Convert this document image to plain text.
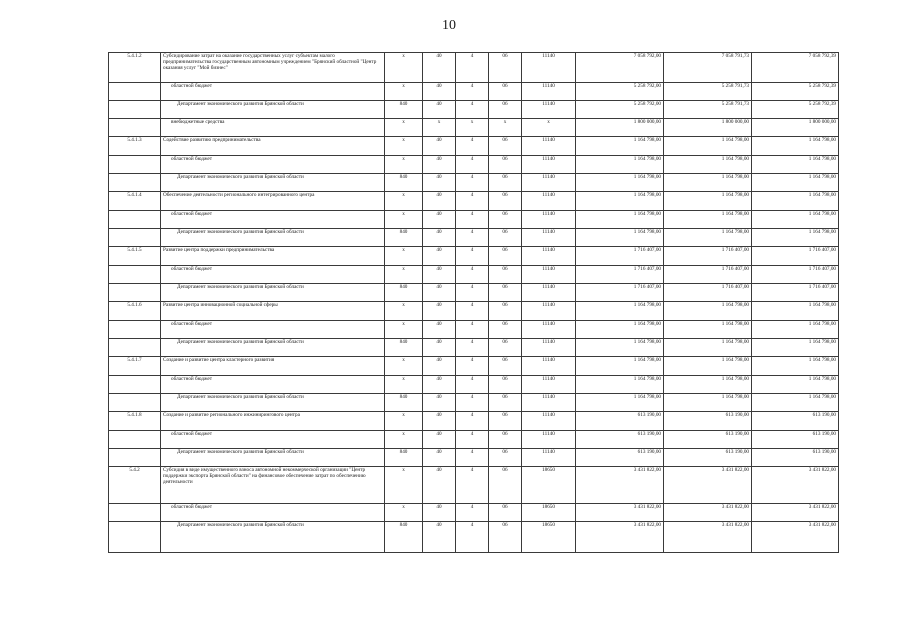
10
5.4.1.2	Субсидирование затрат на оказание государственных услуг субъектам малого предпринимательства государственным автономным учреждением "Брянский областной "Центр оказания услуг "Мой бизнес"	х	40	4	06	11140	7 058 792,00	7 058 791,73	7 058 792,39
	областной бюджет	х	40	4	06	11140	5 258 792,00	5 258 791,73	5 258 792,39
	Департамент экономического развития Брянской области	840	40	4	06	11140	5 258 792,00	5 258 791,73	5 258 792,39
	внебюджетные средства	х	х	х	х	х	1 800 000,00	1 800 000,00	1 800 000,00
5.4.1.3	Содействие развитию предпринимательства	х	40	4	06	11140	1 164 798,00	1 164 798,00	1 164 798,00
	областной бюджет	х	40	4	06	11140	1 164 798,00	1 164 798,00	1 164 798,00
	Департамент экономического развития Брянской области	840	40	4	06	11140	1 164 798,00	1 164 798,00	1 164 798,00
5.4.1.4	Обеспечение деятельности регионального интегрированного центра	х	40	4	06	11140	1 164 798,00	1 164 798,00	1 164 798,00
	областной бюджет	х	40	4	06	11140	1 164 798,00	1 164 798,00	1 164 798,00
	Департамент экономического развития Брянской области	840	40	4	06	11140	1 164 798,00	1 164 798,00	1 164 798,00
5.4.1.5	Развитие центра поддержки предпринимательства	х	40	4	06	11140	1 716 407,00	1 716 407,00	1 716 407,00
	областной бюджет	х	40	4	06	11140	1 716 407,00	1 716 407,00	1 716 407,00
	Департамент экономического развития Брянской области	840	40	4	06	11140	1 716 407,00	1 716 407,00	1 716 407,00
5.4.1.6	Развитие центра инновационной социальной сферы	х	40	4	06	11140	1 164 798,00	1 164 798,00	1 164 798,00
	областной бюджет	х	40	4	06	11140	1 164 798,00	1 164 798,00	1 164 798,00
	Департамент экономического развития Брянской области	840	40	4	06	11140	1 164 798,00	1 164 798,00	1 164 798,00
5.4.1.7	Создание и развитие центра кластерного развития	х	40	4	06	11140	1 164 798,00	1 164 798,00	1 164 798,00
	областной бюджет	х	40	4	06	11140	1 164 798,00	1 164 798,00	1 164 798,00
	Департамент экономического развития Брянской области	840	40	4	06	11140	1 164 798,00	1 164 798,00	1 164 798,00
5.4.1.8	Создание и развитие регионального инжинирингового центра	х	40	4	06	11140	613 190,00	613 190,00	613 190,00
	областной бюджет	х	40	4	06	11140	613 190,00	613 190,00	613 190,00
	Департамент экономического развития Брянской области	840	40	4	06	11140	613 190,00	613 190,00	613 190,00
5.4.2	Субсидия в виде имущественного взноса автономной некоммерческой организации "Центр поддержки экспорта Брянской области" на финансовое обеспечение затрат по обеспечению деятельности	х	40	4	06	18650	3 431 822,00	3 431 822,00	3 431 822,00
	областной бюджет	х	40	4	06	18650	3 431 822,00	3 431 822,00	3 431 822,00
	Департамент экономического развития Брянской области	840	40	4	06	18650	3 431 822,00	3 431 822,00	3 431 822,00
